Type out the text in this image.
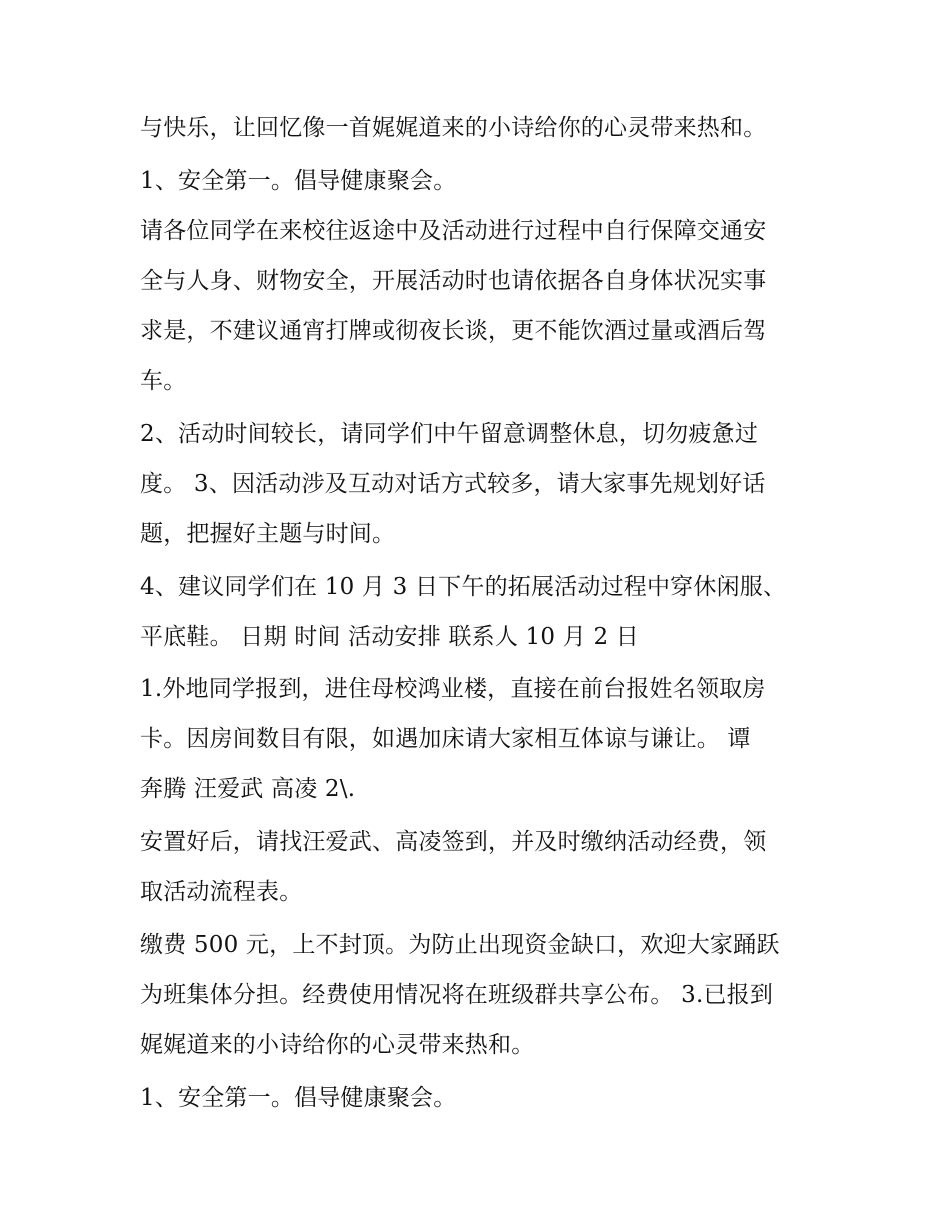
与快乐，让回忆像一首娓娓道来的小诗给你的心灵带来热和。
1、安全第一。倡导健康聚会。
请各位同学在来校往返途中及活动进行过程中自行保障交通安
全与人身、财物安全，开展活动时也请依据各自身体状况实事
求是，不建议通宵打牌或彻夜长谈，更不能饮酒过量或酒后驾
车。
2、活动时间较长，请同学们中午留意调整休息，切勿疲惫过
度。 3、因活动涉及互动对话方式较多，请大家事先规划好话
题，把握好主题与时间。
4、建议同学们在 10 月 3 日下午的拓展活动过程中穿休闲服、
平底鞋。 日期 时间 活动安排 联系人 10 月 2 日
1.外地同学报到，进住母校鸿业楼，直接在前台报姓名领取房
卡。因房间数目有限，如遇加床请大家相互体谅与谦让。 谭
奔腾 汪爱武 高凌 2\.
安置好后，请找汪爱武、高凌签到，并及时缴纳活动经费，领
取活动流程表。
缴费 500 元，上不封顶。为防止出现资金缺口，欢迎大家踊跃
为班集体分担。经费使用情况将在班级群共享公布。 3.已报到
娓娓道来的小诗给你的心灵带来热和。
1、安全第一。倡导健康聚会。
